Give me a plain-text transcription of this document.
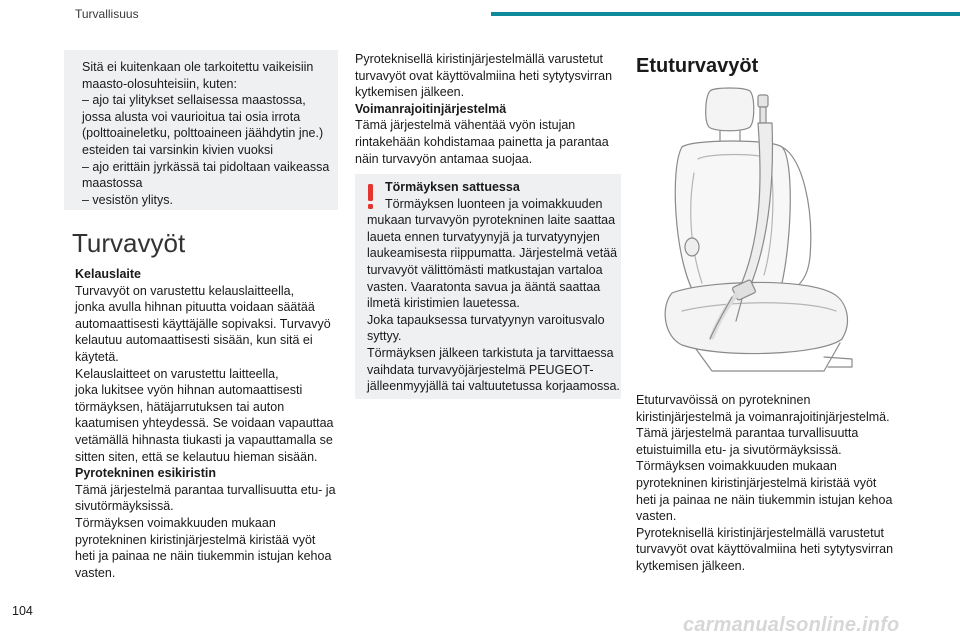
Turvallisuus

Sitä ei kuitenkaan ole tarkoitettu vaikeisiin
maasto-olosuhteisiin, kuten:
– ajo tai ylitykset sellaisessa maastossa,
jossa alusta voi vaurioitua tai osia irrota
(polttoaineletku, polttoaineen jäähdytin jne.)
esteiden tai varsinkin kivien vuoksi
– ajo erittäin jyrkässä tai pidoltaan vaikeassa
maastossa
– vesistön ylitys.

Turvavyöt

Kelauslaite
Turvavyöt on varustettu kelauslaitteella,
jonka avulla hihnan pituutta voidaan säätää
automaattisesti käyttäjälle sopivaksi. Turvavyö
kelautuu automaattisesti sisään, kun sitä ei
käytetä.
Kelauslaitteet on varustettu laitteella,
joka lukitsee vyön hihnan automaattisesti
törmäyksen, hätäjarrutuksen tai auton
kaatumisen yhteydessä. Se voidaan vapauttaa
vetämällä hihnasta tiukasti ja vapauttamalla se
sitten siten, että se kelautuu hieman sisään.
Pyrotekninen esikiristin
Tämä järjestelmä parantaa turvallisuutta etu- ja
sivutörmäyksissä.
Törmäyksen voimakkuuden mukaan
pyrotekninen kiristinjärjestelmä kiristää vyöt
heti ja painaa ne näin tiukemmin istujan kehoa
vasten.

Pyroteknisellä kiristinjärjestelmällä varustetut
turvavyöt ovat käyttövalmiina heti sytytysvirran
kytkemisen jälkeen.
Voimanrajoitinjärjestelmä
Tämä järjestelmä vähentää vyön istujan
rintakehään kohdistamaa painetta ja parantaa
näin turvavyön antamaa suojaa.

Törmäyksen sattuessa
Törmäyksen luonteen ja voimakkuuden
mukaan turvavyön pyrotekninen laite saattaa
laueta ennen turvatyynyjä ja turvatyynyjen
laukeamisesta riippumatta. Järjestelmä vetää
turvavyöt välittömästi matkustajan vartaloa
vasten. Vaaratonta savua ja ääntä saattaa
ilmetä kiristimien lauetessa.
Joka tapauksessa turvatyynyn varoitusvalo
syttyy.
Törmäyksen jälkeen tarkistuta ja tarvittaessa
vaihdata turvavyöjärjestelmä PEUGEOT-
jälleenmyyjällä tai valtuutetussa korjaamossa.

Etuturvavyöt

Etuturvavöissä on pyrotekninen
kiristinjärjestelmä ja voimanrajoitinjärjestelmä.
Tämä järjestelmä parantaa turvallisuutta
etuistuimilla etu- ja sivutörmäyksissä.
Törmäyksen voimakkuuden mukaan
pyrotekninen kiristinjärjestelmä kiristää vyöt
heti ja painaa ne näin tiukemmin istujan kehoa
vasten.
Pyroteknisellä kiristinjärjestelmällä varustetut
turvavyöt ovat käyttövalmiina heti sytytysvirran
kytkemisen jälkeen.

104
carmanualsonline.info
